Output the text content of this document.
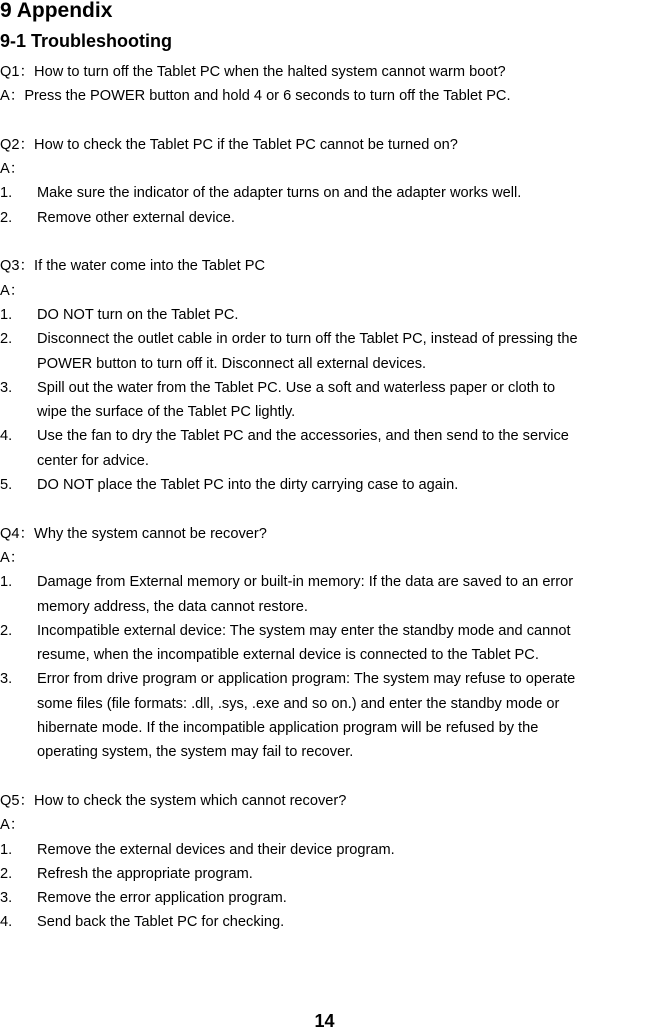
9 Appendix
9-1 Troubleshooting
Q1：How to turn off the Tablet PC when the halted system cannot warm boot?
A：Press the POWER button and hold 4 or 6 seconds to turn off the Tablet PC.
Q2：How to check the Tablet PC if the Tablet PC cannot be turned on?
A：
1.	Make sure the indicator of the adapter turns on and the adapter works well.
2.	Remove other external device.
Q3：If the water come into the Tablet PC
A：
1.	DO NOT turn on the Tablet PC.
2.	Disconnect the outlet cable in order to turn off the Tablet PC, instead of pressing the
POWER button to turn off it. Disconnect all external devices.
3.	Spill out the water from the Tablet PC. Use a soft and waterless paper or cloth to
wipe the surface of the Tablet PC lightly.
4.	Use the fan to dry the Tablet PC and the accessories, and then send to the service
center for advice.
5.	DO NOT place the Tablet PC into the dirty carrying case to again.
Q4：Why the system cannot be recover?
A：
1.	Damage from External memory or built-in memory: If the data are saved to an error
memory address, the data cannot restore.
2.	Incompatible external device: The system may enter the standby mode and cannot
resume, when the incompatible external device is connected to the Tablet PC.
3.	Error from drive program or application program: The system may refuse to operate
some files (file formats: .dll, .sys, .exe and so on.) and enter the standby mode or
hibernate mode. If the incompatible application program will be refused by the
operating system, the system may fail to recover.
Q5：How to check the system which cannot recover?
A：
1.	Remove the external devices and their device program.
2.	Refresh the appropriate program.
3.	Remove the error application program.
4.	Send back the Tablet PC for checking.
14
